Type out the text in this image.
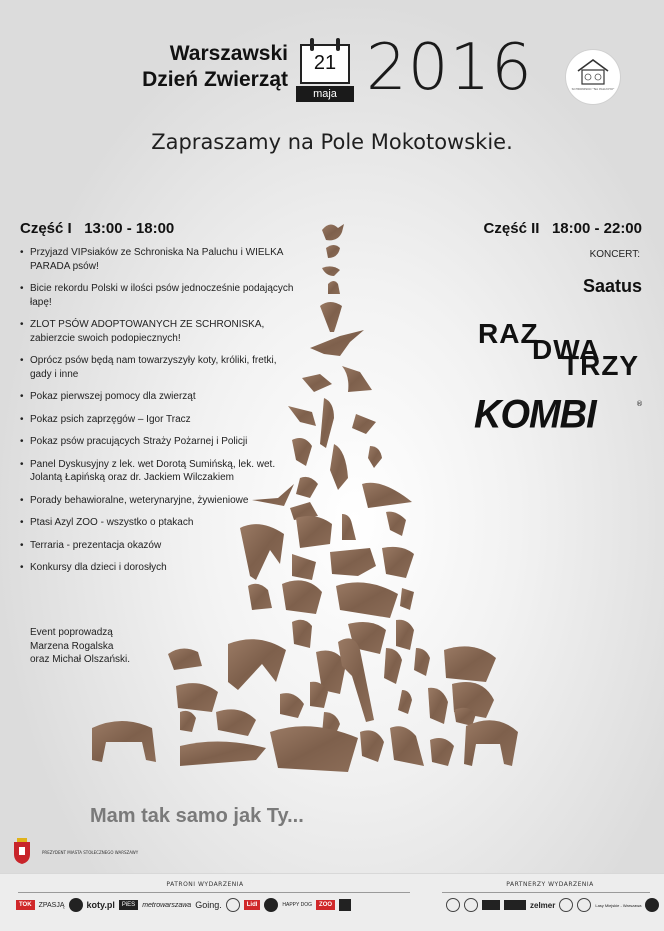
Warszawski
Dzień Zwierząt
21
maja 2016	SCHRONISKO "NA PALUCHU"
Zapraszamy na Pole Mokotowskie.
Część I 13:00 - 18:00
• Przyjazd VIPsiaków ze Schroniska Na Paluchu i WIELKA PARADA psów!
• Bicie rekordu Polski w ilości psów jednocześnie podających łapę!
• ZLOT PSÓW ADOPTOWANYCH ZE SCHRONISKA, zabierzcie swoich podopiecznych!
• Oprócz psów będą nam towarzyszyły koty, króliki, fretki, gady i inne
• Pokaz pierwszej pomocy dla zwierząt
• Pokaz psich zaprzęgów – Igor Tracz
• Pokaz psów pracujących Straży Pożarnej i Policji
• Panel Dyskusyjny z lek. wet Dorotą Sumińską, lek. wet. Jolantą Łapińską oraz dr. Jackiem Wilczakiem
• Porady behawioralne, weterynaryjne, żywieniowe
• Ptasi Azyl ZOO - wszystko o ptakach
• Terraria - prezentacja okazów
• Konkursy dla dzieci i dorosłych
Event poprowadzą
Marzena Rogalska
oraz Michał Olszański.
Część II 18:00 - 22:00
KONCERT:
Saatus
RAZ
DWA
TRZY
KOMBI	®
Mam tak samo jak Ty...
PREZYDENT MIASTA STOŁECZNEGO WARSZAWY
PATRONI WYDARZENIA
TOK	ZPASJĄ koty.pl	PiES	metrowarszawa Going.	Lidl	HAPPY DOG	ZOO
PARTNERZY WYDARZENIA
zelmer	Lasy Miejskie - Warszawa
